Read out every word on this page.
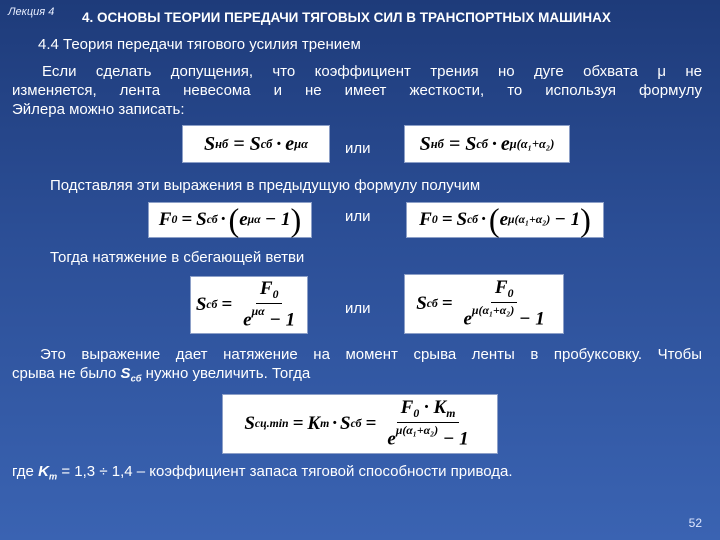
Лекция 4 4. ОСНОВЫ ТЕОРИИ ПЕРЕДАЧИ ТЯГОВЫХ СИЛ В ТРАНСПОРТНЫХ МАШИНАХ
4.4 Теория передачи тягового усилия трением
Если сделать допущения, что коэффициент трения но дуге обхвата μ не
изменяется, лента невесома и не имеет жесткости, то используя формулу
Эйлера можно записать:
S нб = S сб · e μα или S нб = S сб · e μ(α₁+α₂)
Подставляя эти выражения в предыдущую формулу получим
F 0 = S сб · ( e μα − 1 )	или	F 0 = S сб · ( e μ(α₁+α₂) − 1 )
Тогда натяжение в сбегающей ветви
S сб = $\frac{F_0}{e^{\mu\alpha} - 1}$	или S сб = $\frac{F_0}{e^{\mu(\alpha_1+\alpha_2)} - 1}$
Это выражение дает натяжение на момент срыва ленты в пробуксовку. Чтобы
срыва не было $S_{сб}$ нужно увеличить. Тогда
S сц.min = K т · S сб = $\frac{F_0 \cdot K_т}{e^{\mu(\alpha_1+\alpha_2)} - 1}$
где $K_т = 1,3 \div 1,4$ – коэффициент запаса тяговой способности привода.
52
